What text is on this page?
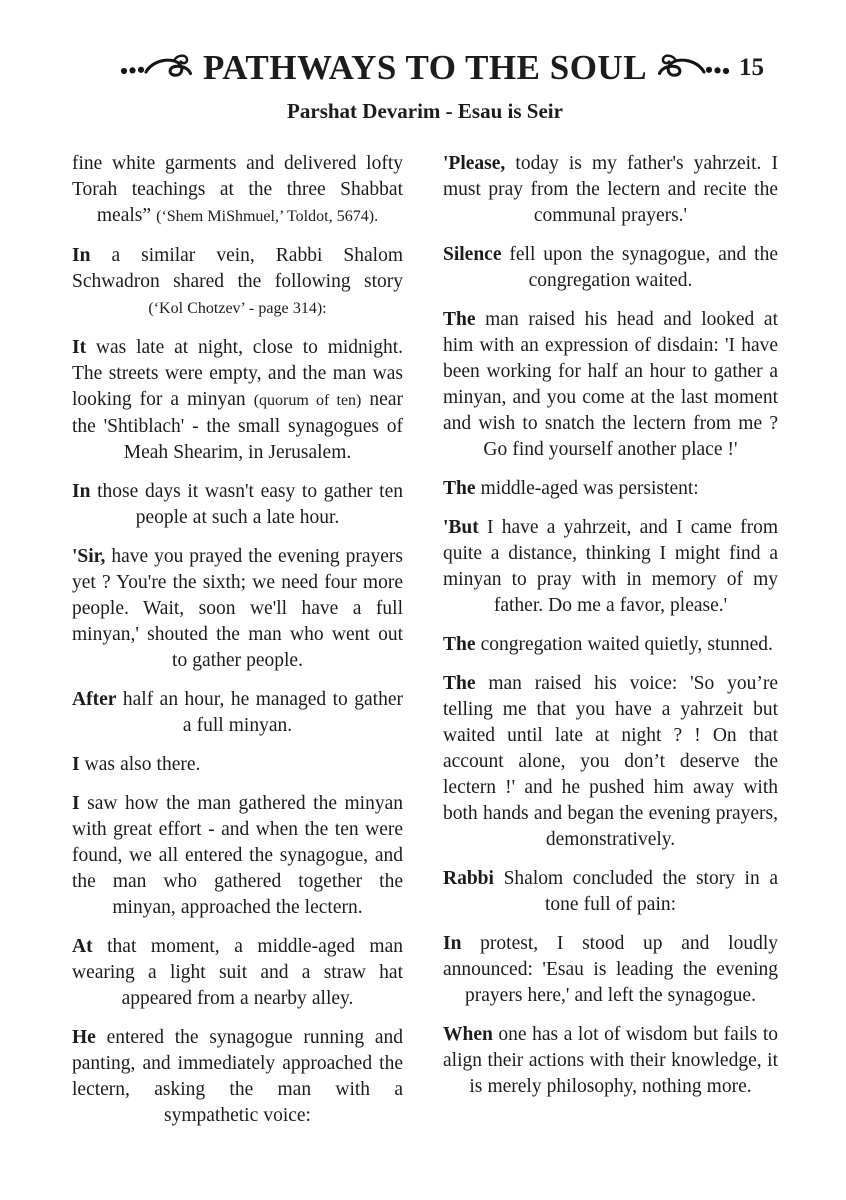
PATHWAYS TO THE SOUL	15
Parshat Devarim - Esau is Seir

fine white garments and delivered lofty Torah teachings at the three Shabbat meals” (‘Shem MiShmuel,’ Toldot, 5674).

In a similar vein, Rabbi Shalom Schwadron shared the following story (‘Kol Chotzev’ - page 314):

It was late at night, close to midnight. The streets were empty, and the man was looking for a minyan (quorum of ten) near the 'Shtiblach' - the small synagogues of Meah Shearim, in Jerusalem.

In those days it wasn't easy to gather ten people at such a late hour.

'Sir, have you prayed the evening prayers yet ? You're the sixth; we need four more people. Wait, soon we'll have a full minyan,' shouted the man who went out to gather people.

After half an hour, he managed to gather a full minyan.

I was also there.

I saw how the man gathered the minyan with great effort - and when the ten were found, we all entered the synagogue, and the man who gathered together the minyan, approached the lectern.

At that moment, a middle-aged man wearing a light suit and a straw hat appeared from a nearby alley.

He entered the synagogue running and panting, and immediately approached the lectern, asking the man with a sympathetic voice:

'Please, today is my father's yahrzeit. I must pray from the lectern and recite the communal prayers.'

Silence fell upon the synagogue, and the congregation waited.

The man raised his head and looked at him with an expression of disdain: 'I have been working for half an hour to gather a minyan, and you come at the last moment and wish to snatch the lectern from me ? Go find yourself another place !'

The middle-aged was persistent:

'But I have a yahrzeit, and I came from quite a distance, thinking I might find a minyan to pray with in memory of my father. Do me a favor, please.'

The congregation waited quietly, stunned.

The man raised his voice: 'So you’re telling me that you have a yahrzeit but waited until late at night ? ! On that account alone, you don’t deserve the lectern !' and he pushed him away with both hands and began the evening prayers, demonstratively.

Rabbi Shalom concluded the story in a tone full of pain:

In protest, I stood up and loudly announced: 'Esau is leading the evening prayers here,' and left the synagogue.

When one has a lot of wisdom but fails to align their actions with their knowledge, it is merely philosophy, nothing more.
